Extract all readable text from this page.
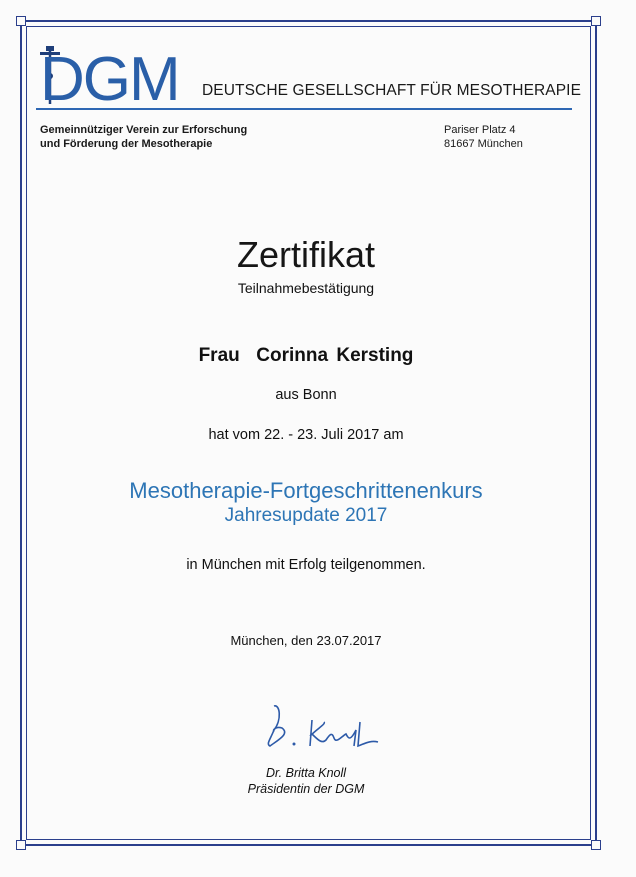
DGM DEUTSCHE GESELLSCHAFT FÜR MESOTHERAPIE
Gemeinnütziger Verein zur Erforschung
und Förderung der Mesotherapie
Pariser Platz 4
81667 München
Zertifikat
Teilnahmebestätigung
Frau  Corinna Kersting
aus Bonn
hat vom 22. - 23. Juli 2017 am
Mesotherapie-Fortgeschrittenenkurs
Jahresupdate 2017
in München mit Erfolg teilgenommen.
München, den 23.07.2017
Dr. Britta Knoll
Präsidentin der DGM
